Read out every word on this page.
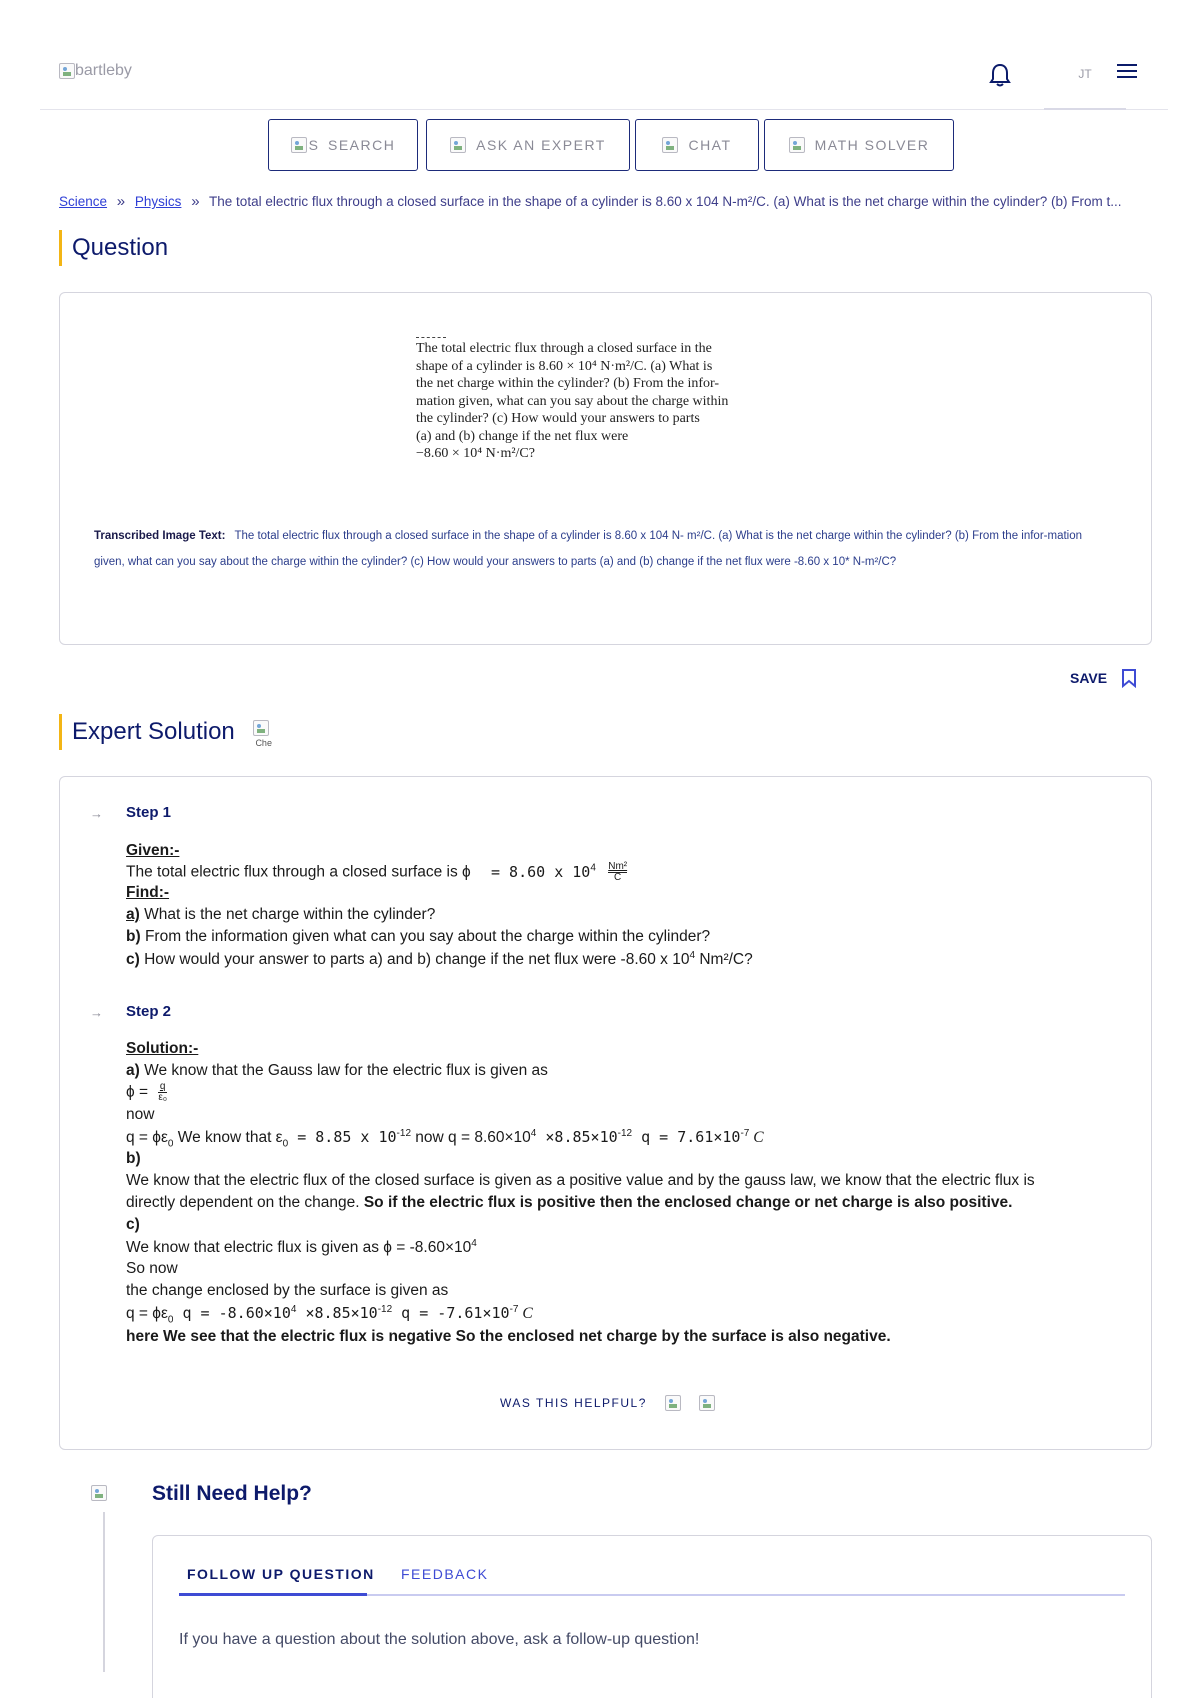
bartleby	JT
S SEARCH	ASK AN EXPERT	CHAT	MATH SOLVER
Science » Physics » The total electric flux through a closed surface in the shape of a cylinder is 8.60 x 104 N-m²/C. (a) What is the net charge within the cylinder? (b) From t...
Question
The total electric flux through a closed surface in the
shape of a cylinder is 8.60 × 10⁴ N·m²/C. (a) What is
the net charge within the cylinder? (b) From the infor-
mation given, what can you say about the charge within
the cylinder? (c) How would your answers to parts
(a) and (b) change if the net flux were
−8.60 × 10⁴ N·m²/C?
Transcribed Image Text: The total electric flux through a closed surface in the shape of a cylinder is 8.60 x 104 N- m²/C. (a) What is the net charge within the cylinder? (b) From the infor-mation given, what can you say about the charge within the cylinder? (c) How would your answers to parts (a) and (b) change if the net flux were -8.60 x 10* N-m²/C?
SAVE
Expert Solution Che
→ Step 1
Given:-
The total electric flux through a closed surface is ϕ = 8.60 x $10^4 \frac{\text{Nm²}}{C}$
Find:-
a) What is the net charge within the cylinder?
b) From the information given what can you say about the charge within the cylinder?
c) How would your answer to parts a) and b) change if the net flux were -8.60 x $10^4$ Nm²/C?
→ Step 2
Solution:-
a) We know that the Gauss law for the electric flux is given as
$\phi = \frac{q}{\text{ε₀}}$
now
$q = \phi\varepsilon_0$ We know that $\varepsilon_0 = 8.85$ x $10^{-12}$ now $q = 8.60\times 10^4 \times 8.85\times 10^{-12}$ $q = 7.61\times 10^{-7}$ C
b)
We know that the electric flux of the closed surface is given as a positive value and by the gauss law, we know that the electric flux is
directly dependent on the change. So if the electric flux is positive then the enclosed change or net charge is also positive.
c)
We know that electric flux is given as $\phi = -8.60\times 10^4$
So now
the change enclosed by the surface is given as
$q = \phi\varepsilon_0$ $q = -8.60\times 10^4 \times 8.85\times 10^{-12}$ $q = -7.61\times 10^{-7}$ C
here We see that the electric flux is negative So the enclosed net charge by the surface is also negative.
WAS THIS HELPFUL?
Still Need Help?
FOLLOW UP QUESTION FEEDBACK
If you have a question about the solution above, ask a follow-up question!
